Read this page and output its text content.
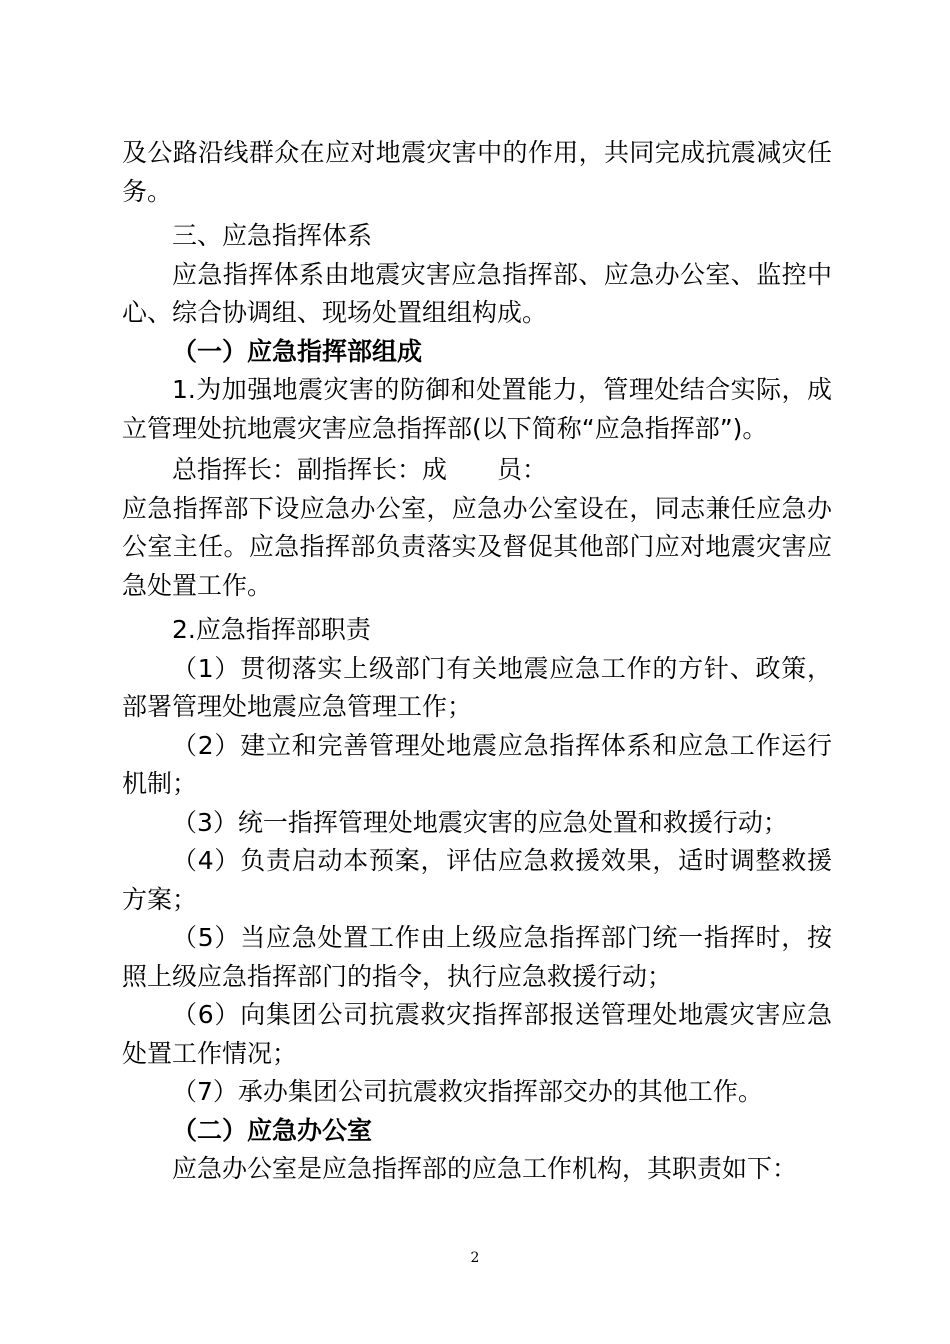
及公路沿线群众在应对地震灾害中的作用，共同完成抗震减灾任务。

三、应急指挥体系

应急指挥体系由地震灾害应急指挥部、应急办公室、监控中心、综合协调组、现场处置组组构成。

（一）应急指挥部组成

1.为加强地震灾害的防御和处置能力，管理处结合实际，成立管理处抗地震灾害应急指挥部(以下简称“应急指挥部”)。

总指挥长：副指挥长：成　　员：

应急指挥部下设应急办公室，应急办公室设在，同志兼任应急办公室主任。应急指挥部负责落实及督促其他部门应对地震灾害应急处置工作。

2.应急指挥部职责

（1）贯彻落实上级部门有关地震应急工作的方针、政策，部署管理处地震应急管理工作；

（2）建立和完善管理处地震应急指挥体系和应急工作运行机制；

（3）统一指挥管理处地震灾害的应急处置和救援行动；

（4）负责启动本预案，评估应急救援效果，适时调整救援方案；

（5）当应急处置工作由上级应急指挥部门统一指挥时，按照上级应急指挥部门的指令，执行应急救援行动；

（6）向集团公司抗震救灾指挥部报送管理处地震灾害应急处置工作情况；

（7）承办集团公司抗震救灾指挥部交办的其他工作。

（二）应急办公室

应急办公室是应急指挥部的应急工作机构，其职责如下：

2
